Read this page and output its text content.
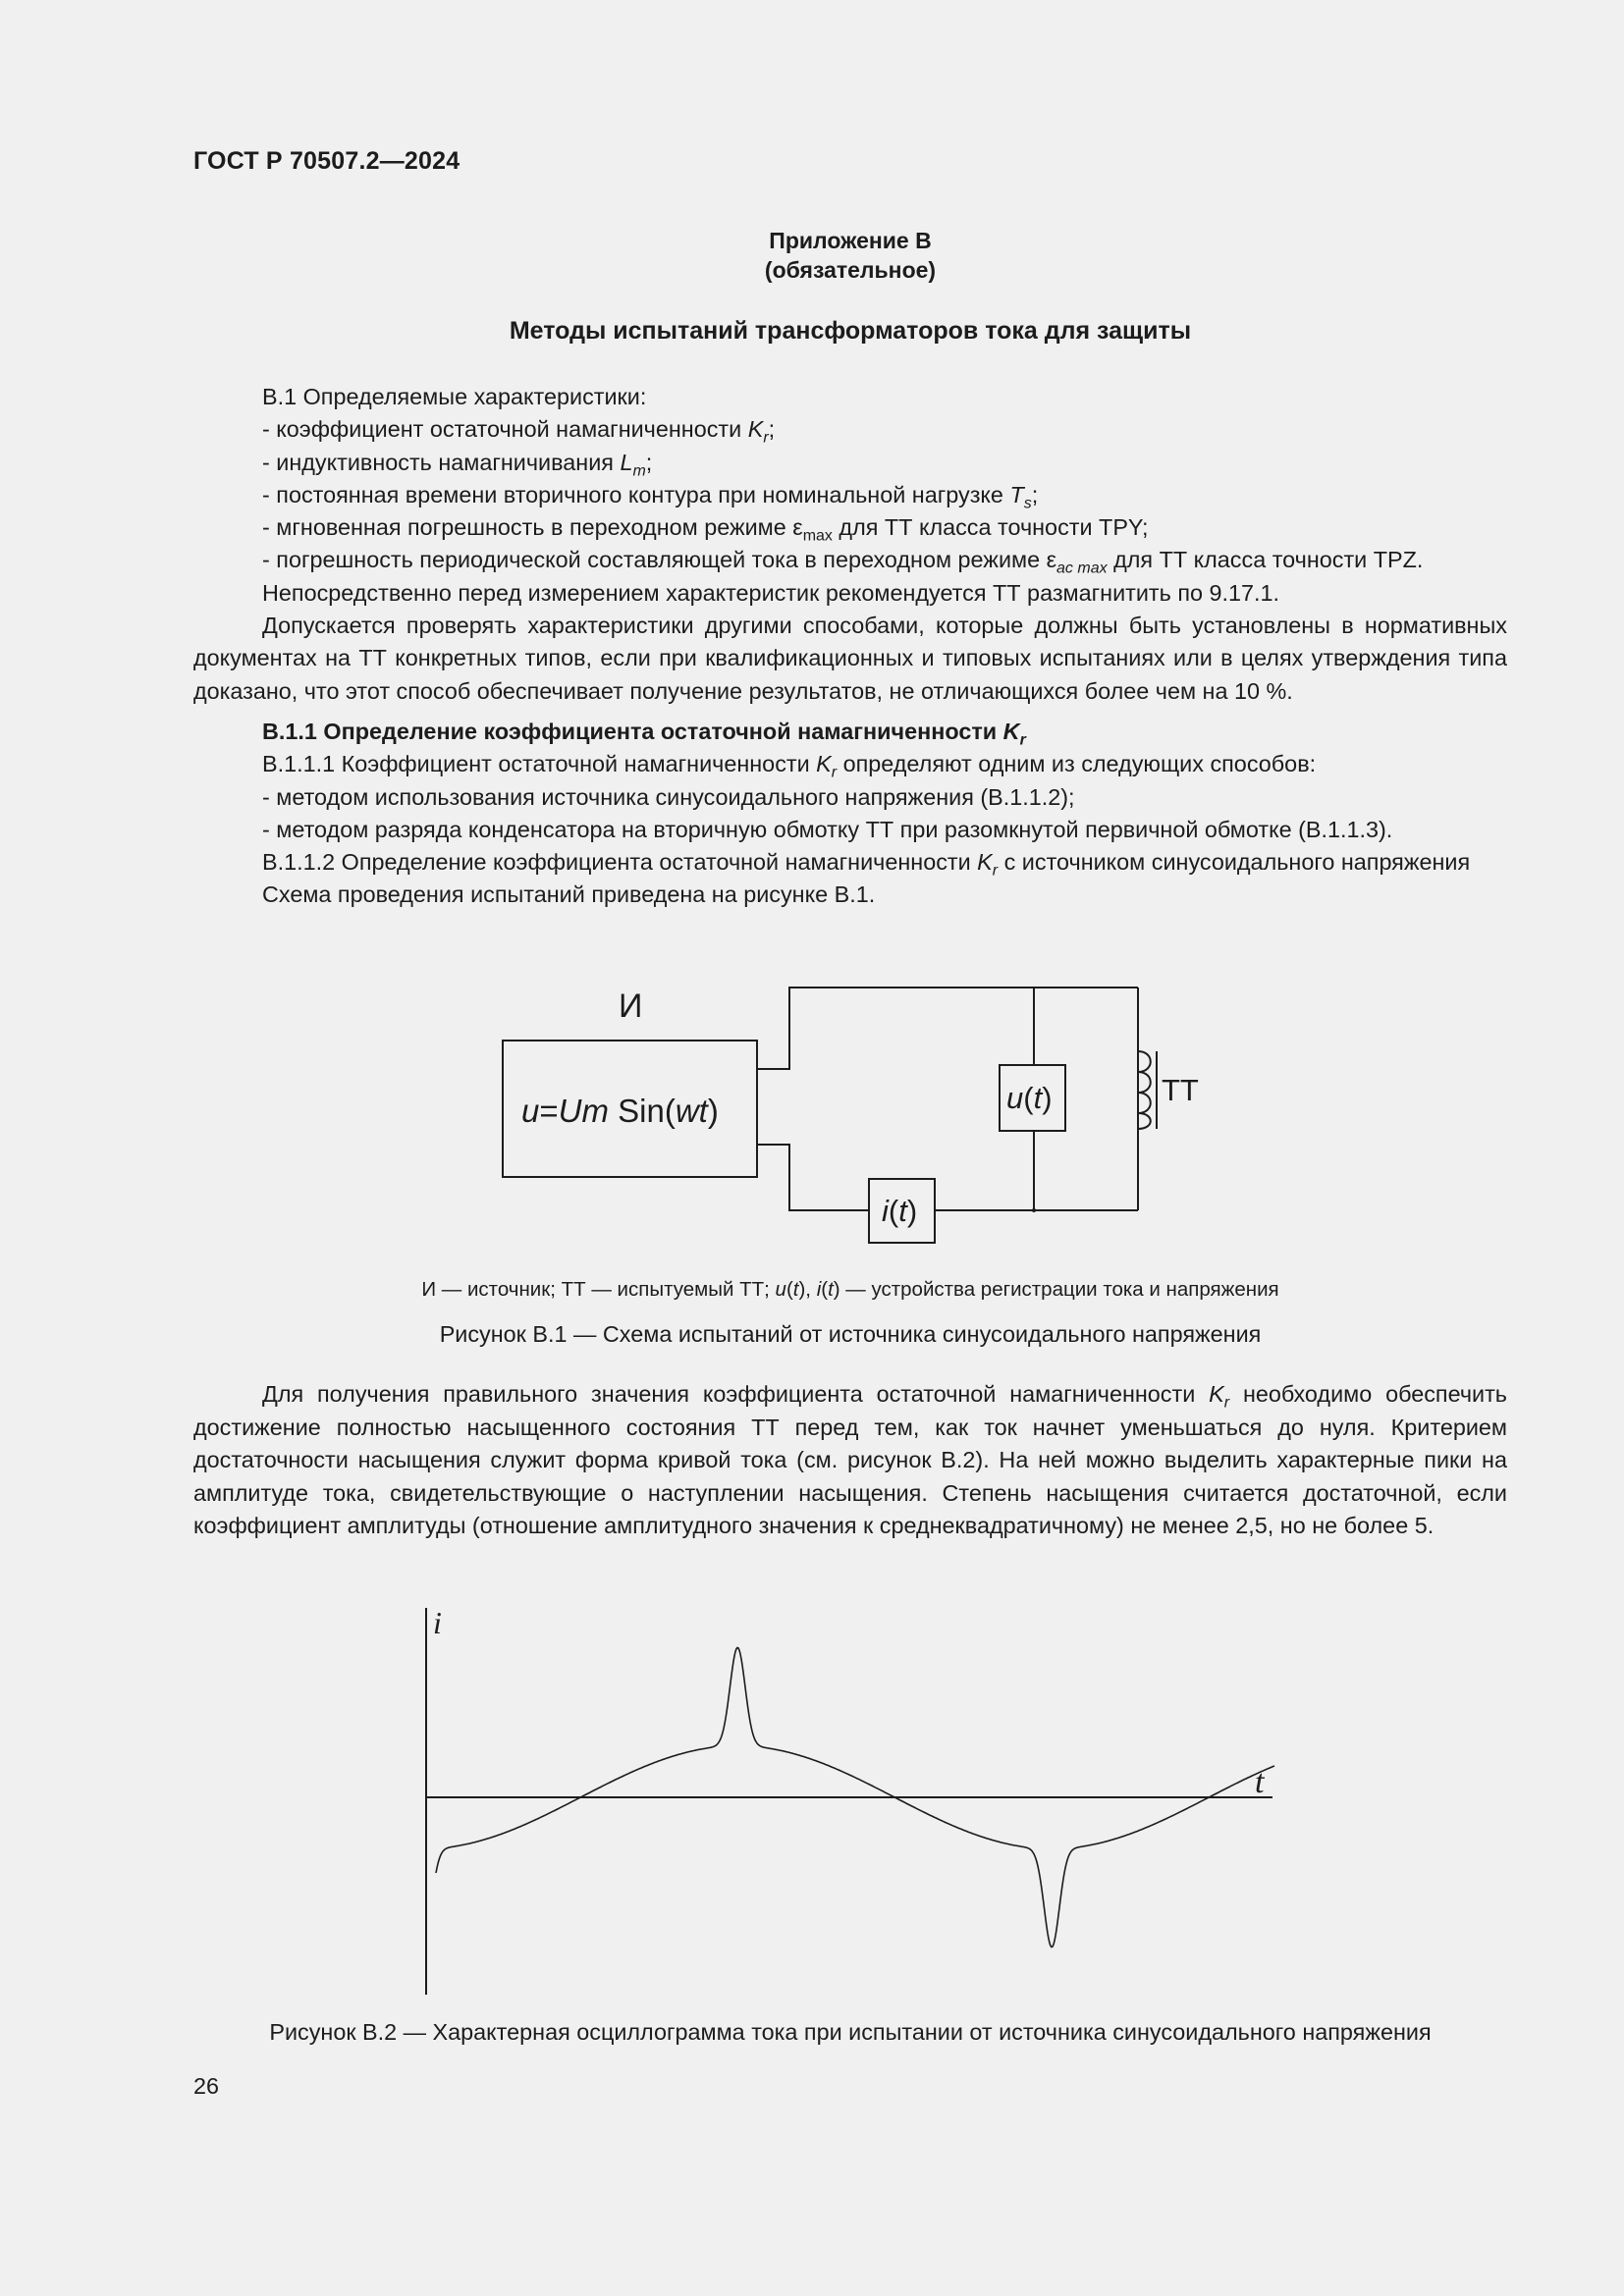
ГОСТ Р 70507.2—2024
Приложение В
(обязательное)
Методы испытаний трансформаторов тока для защиты

В.1 Определяемые характеристики:

- коэффициент остаточной намагниченности $K_r$;

- индуктивность намагничивания $L_m$;

- постоянная времени вторичного контура при номинальной нагрузке $T_s$;

- мгновенная погрешность в переходном режиме $\varepsilon_{max}$ для ТТ класса точности TPY;

- погрешность периодической составляющей тока в переходном режиме $\varepsilon_{ac max}$ для ТТ класса точности TPZ.

Непосредственно перед измерением характеристик рекомендуется ТТ размагнитить по 9.17.1.

Допускается проверять характеристики другими способами, которые должны быть установлены в нормативных документах на ТТ конкретных типов, если при квалификационных и типовых испытаниях или в целях утверждения типа доказано, что этот способ обеспечивает получение результатов, не отличающихся более чем на 10 %.

В.1.1 Определение коэффициента остаточной намагниченности $K_r$

В.1.1.1 Коэффициент остаточной намагниченности $K_r$ определяют одним из следующих способов:

- методом использования источника синусоидального напряжения (В.1.1.2);

- методом разряда конденсатора на вторичную обмотку ТТ при разомкнутой первичной обмотке (В.1.1.3).

В.1.1.2 Определение коэффициента остаточной намагниченности $K_r$ с источником синусоидального напряжения

Схема проведения испытаний приведена на рисунке В.1.

И
u=Um Sin(wt)	u(t)
i(t)
ТТ
И — источник; ТТ — испытуемый ТТ; u(t), i(t) — устройства регистрации тока и напряжения
Рисунок В.1 — Схема испытаний от источника синусоидального напряжения
Для получения правильного значения коэффициента остаточной намагниченности $K_r$ необходимо обеспечить достижение полностью насыщенного состояния ТТ перед тем, как ток начнет уменьшаться до нуля. Критерием достаточности насыщения служит форма кривой тока (см. рисунок В.2). На ней можно выделить характерные пики на амплитуде тока, свидетельствующие о наступлении насыщения. Степень насыщения считается достаточной, если коэффициент амплитуды (отношение амплитудного значения к среднеквадратичному) не менее 2,5, но не более 5.
i
t
Рисунок В.2 — Характерная осциллограмма тока при испытании от источника синусоидального напряжения
26
